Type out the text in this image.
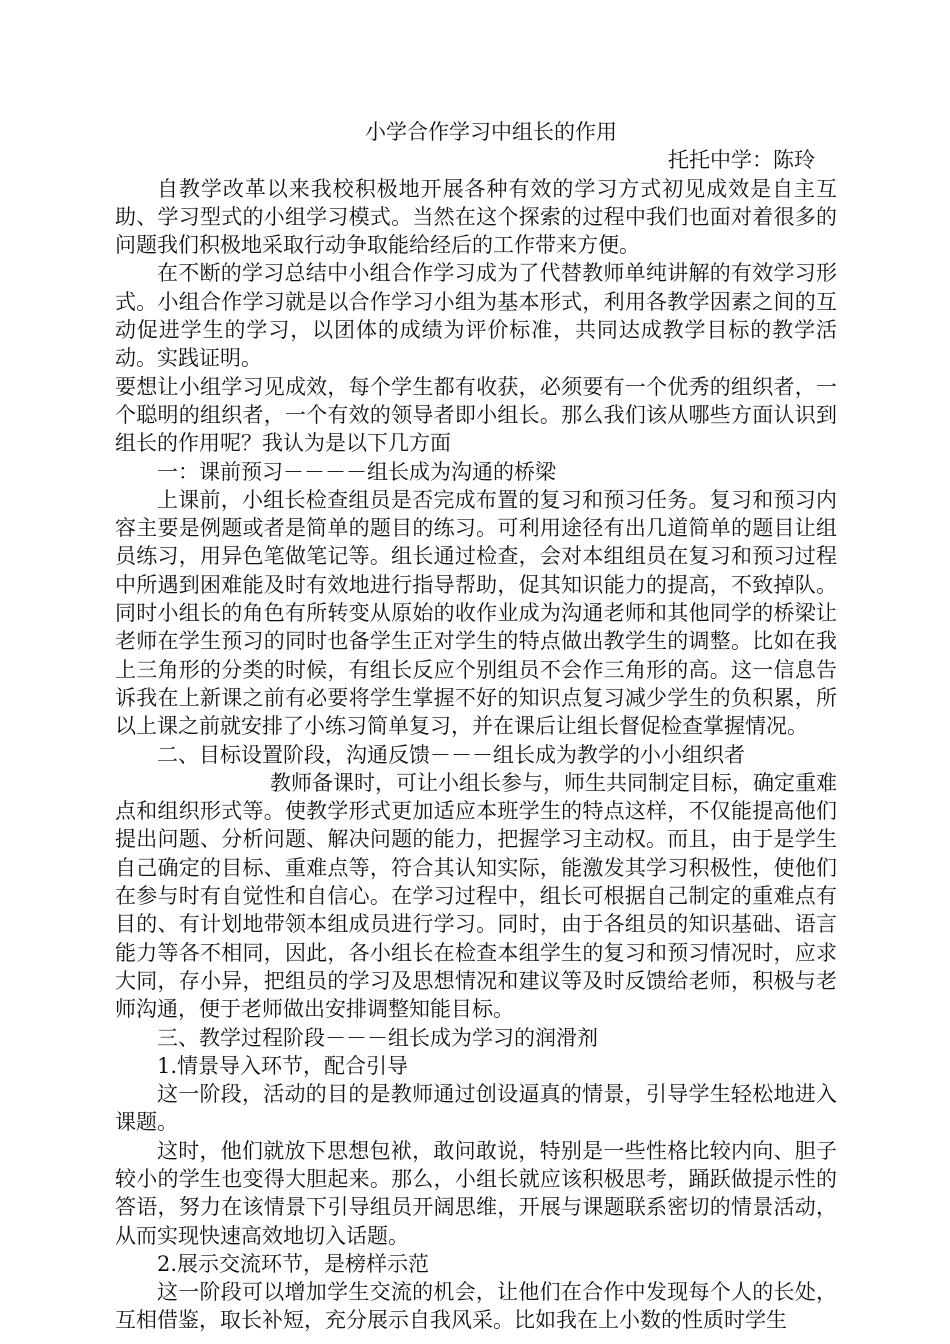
小学合作学习中组长的作用

托托中学：陈玲

自教学改革以来我校积极地开展各种有效的学习方式初见成效是自主互助、学习型式的小组学习模式。当然在这个探索的过程中我们也面对着很多的问题我们积极地采取行动争取能给经后的工作带来方便。

在不断的学习总结中小组合作学习成为了代替教师单纯讲解的有效学习形式。小组合作学习就是以合作学习小组为基本形式，利用各教学因素之间的互动促进学生的学习，以团体的成绩为评价标准，共同达成教学目标的教学活动。实践证明。

要想让小组学习见成效，每个学生都有收获，必须要有一个优秀的组织者，一个聪明的组织者，一个有效的领导者即小组长。那么我们该从哪些方面认识到组长的作用呢？我认为是以下几方面

一：课前预习－－－－组长成为沟通的桥梁

上课前，小组长检查组员是否完成布置的复习和预习任务。复习和预习内容主要是例题或者是简单的题目的练习。可利用途径有出几道简单的题目让组员练习，用异色笔做笔记等。组长通过检查，会对本组组员在复习和预习过程中所遇到困难能及时有效地进行指导帮助，促其知识能力的提高，不致掉队。同时小组长的角色有所转变从原始的收作业成为沟通老师和其他同学的桥梁让老师在学生预习的同时也备学生正对学生的特点做出教学生的调整。比如在我上三角形的分类的时候，有组长反应个别组员不会作三角形的高。这一信息告诉我在上新课之前有必要将学生掌握不好的知识点复习减少学生的负积累，所以上课之前就安排了小练习简单复习，并在课后让组长督促检查掌握情况。

二、目标设置阶段，沟通反馈－－－组长成为教学的小小组织者

教师备课时，可让小组长参与，师生共同制定目标，确定重难点和组织形式等。使教学形式更加适应本班学生的特点这样，不仅能提高他们提出问题、分析问题、解决问题的能力，把握学习主动权。而且，由于是学生自己确定的目标、重难点等，符合其认知实际，能激发其学习积极性，使他们在参与时有自觉性和自信心。在学习过程中，组长可根据自己制定的重难点有目的、有计划地带领本组成员进行学习。同时，由于各组员的知识基础、语言能力等各不相同，因此，各小组长在检查本组学生的复习和预习情况时，应求大同，存小异，把组员的学习及思想情况和建议等及时反馈给老师，积极与老师沟通，便于老师做出安排调整知能目标。

三、教学过程阶段－－－组长成为学习的润滑剂

1.情景导入环节，配合引导

这一阶段，活动的目的是教师通过创设逼真的情景，引导学生轻松地进入课题。

这时，他们就放下思想包袱，敢问敢说，特别是一些性格比较内向、胆子较小的学生也变得大胆起来。那么，小组长就应该积极思考，踊跃做提示性的答语，努力在该情景下引导组员开阔思维，开展与课题联系密切的情景活动，从而实现快速高效地切入话题。

2.展示交流环节，是榜样示范

这一阶段可以增加学生交流的机会，让他们在合作中发现每个人的长处，互相借鉴，取长补短，充分展示自我风采。比如我在上小数的性质时学生
